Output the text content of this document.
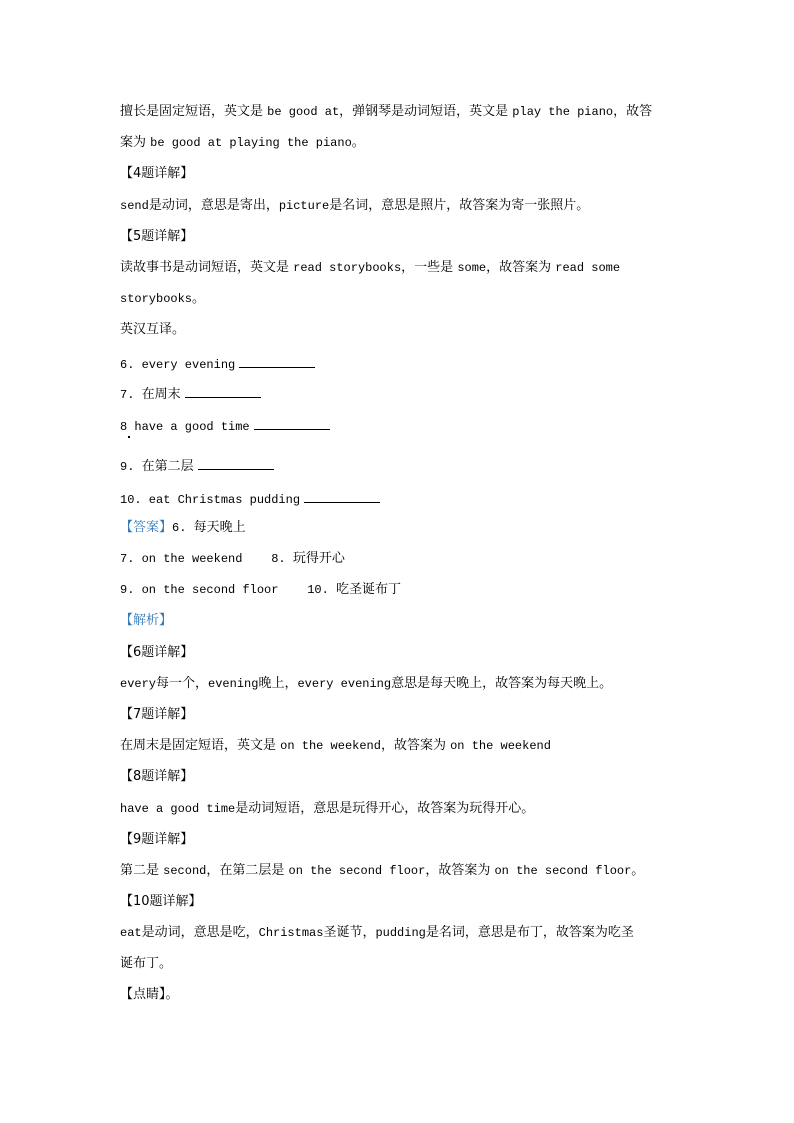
擅长是固定短语，英文是 be good at，弹钢琴是动词短语，英文是 play the piano，故答
案为 be good at playing the piano。
【4题详解】
send是动词，意思是寄出，picture是名词，意思是照片，故答案为寄一张照片。
【5题详解】
读故事书是动词短语，英文是 read storybooks，一些是 some，故答案为 read some
storybooks。
英汉互译。
6. every evening
7. 在周末
8 have a good time
9. 在第二层
10. eat Christmas pudding
【答案】6. 每天晚上
7. on the weekend    8. 玩得开心
9. on the second floor    10. 吃圣诞布丁
【解析】
【6题详解】
every每一个，evening晚上，every evening意思是每天晚上，故答案为每天晚上。
【7题详解】
在周末是固定短语，英文是 on the weekend，故答案为 on the weekend
【8题详解】
have a good time是动词短语，意思是玩得开心，故答案为玩得开心。
【9题详解】
第二是 second，在第二层是 on the second floor，故答案为 on the second floor。
【10题详解】
eat是动词，意思是吃，Christmas圣诞节，pudding是名词，意思是布丁，故答案为吃圣
诞布丁。
【点睛】。
